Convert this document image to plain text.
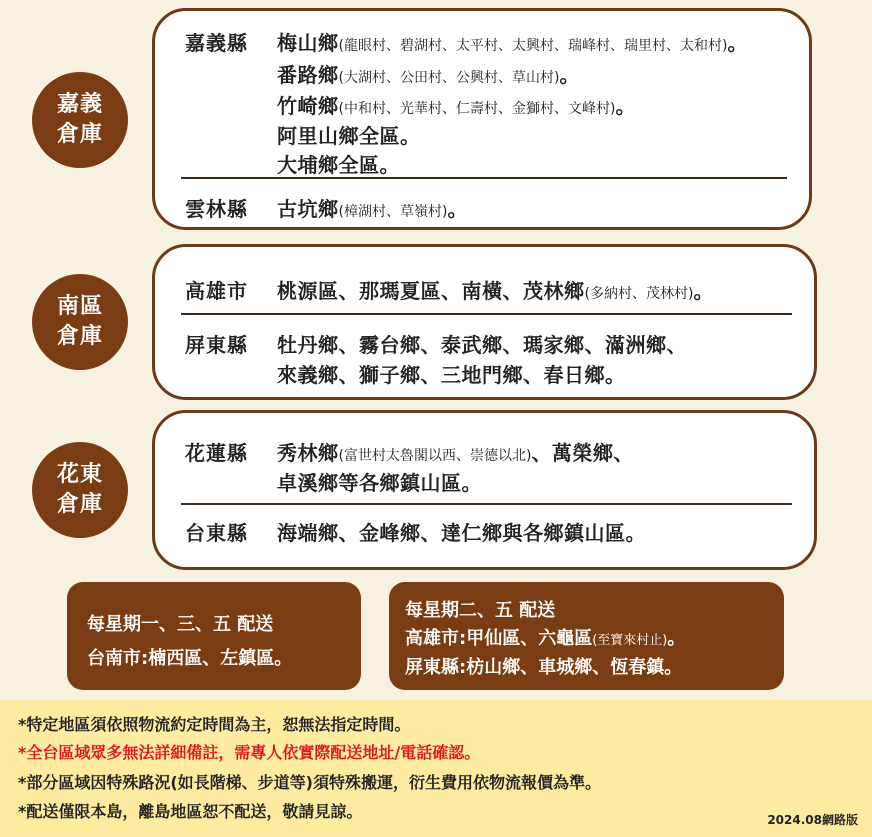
嘉義縣 梅山鄉(龍眼村、碧湖村、太平村、太興村、瑞峰村、瑞里村、太和村)。
番路鄉(大湖村、公田村、公興村、草山村)。
竹崎鄉(中和村、光華村、仁壽村、金獅村、文峰村)。
阿里山鄉全區。
大埔鄉全區。
雲林縣 古坑鄉(樟湖村、草嶺村)。
嘉義
倉庫
高雄市 桃源區、那瑪夏區、南橫、茂林鄉(多納村、茂林村)。
屏東縣 牡丹鄉、霧台鄉、泰武鄉、瑪家鄉、滿洲鄉、
來義鄉、獅子鄉、三地門鄉、春日鄉。
南區
倉庫
花蓮縣 秀林鄉(富世村太魯閣以西、崇德以北)、萬榮鄉、
卓溪鄉等各鄉鎮山區。
台東縣 海端鄉、金峰鄉、達仁鄉與各鄉鎮山區。
花東
倉庫
每星期一、三、五 配送
台南市:楠西區、左鎮區。
每星期二、五 配送
高雄市:甲仙區、六龜區(至寶來村止)。
屏東縣:枋山鄉、車城鄉、恆春鎮。
*特定地區須依照物流約定時間為主，恕無法指定時間。
*全台區域眾多無法詳細備註，需專人依實際配送地址/電話確認。
*部分區域因特殊路況(如長階梯、步道等)須特殊搬運，衍生費用依物流報價為準。
*配送僅限本島，離島地區恕不配送，敬請見諒。	2024.08網路版
